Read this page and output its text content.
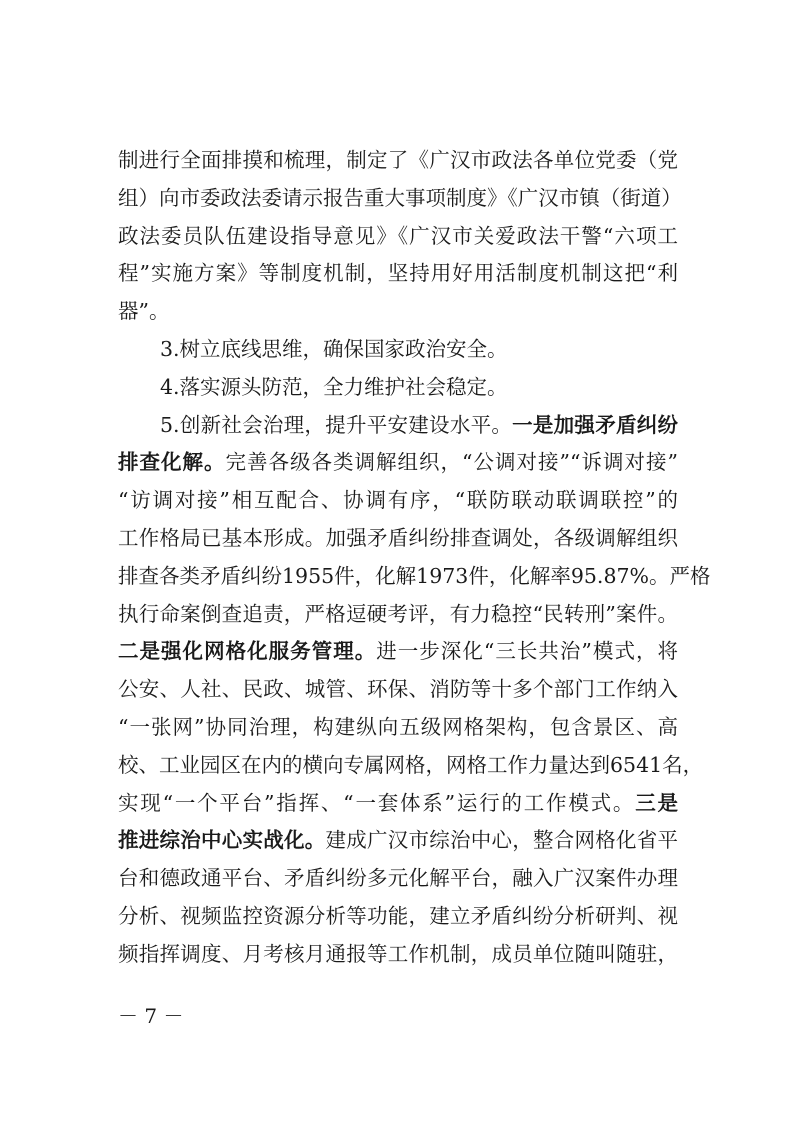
制进行全面排摸和梳理，制定了《广汉市政法各单位党委（党
组）向市委政法委请示报告重大事项制度》《广汉市镇（街道）
政法委员队伍建设指导意见》《广汉市关爱政法干警“六项工
程”实施方案》等制度机制，坚持用好用活制度机制这把“利
器”。
3.树立底线思维，确保国家政治安全。
4.落实源头防范，全力维护社会稳定。
5.创新社会治理，提升平安建设水平。一是加强矛盾纠纷
排查化解。完善各级各类调解组织，“公调对接”“诉调对接”
“访调对接”相互配合、协调有序，“联防联动联调联控”的
工作格局已基本形成。加强矛盾纠纷排查调处，各级调解组织
排查各类矛盾纠纷1955件，化解1973件，化解率95.87%。严格
执行命案倒查追责，严格逗硬考评，有力稳控“民转刑”案件。
二是强化网格化服务管理。进一步深化“三长共治”模式，将
公安、人社、民政、城管、环保、消防等十多个部门工作纳入
“一张网”协同治理，构建纵向五级网格架构，包含景区、高
校、工业园区在内的横向专属网格，网格工作力量达到6541名，
实现“一个平台”指挥、“一套体系”运行的工作模式。三是
推进综治中心实战化。建成广汉市综治中心，整合网格化省平
台和德政通平台、矛盾纠纷多元化解平台，融入广汉案件办理
分析、视频监控资源分析等功能，建立矛盾纠纷分析研判、视
频指挥调度、月考核月通报等工作机制，成员单位随叫随驻，
－ 7 －
